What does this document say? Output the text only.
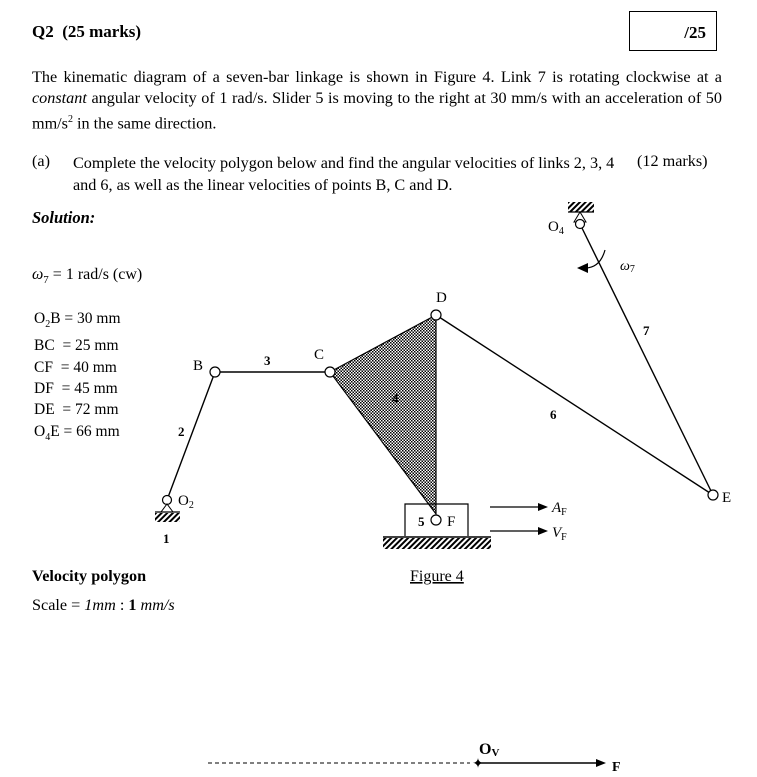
Q2 (25 marks)	/25
The kinematic diagram of a seven-bar linkage is shown in Figure 4. Link 7 is rotating clockwise at a constant angular velocity of 1 rad/s. Slider 5 is moving to the right at 30 mm/s with an acceleration of 50 $mm/s^2$ in the same direction.
(a) Complete the velocity polygon below and find the angular velocities of links 2, 3, 4 and 6, as well as the linear velocities of points B, C and D.
(12 marks)
Solution:
$\omega_7 = 1$ rad/s (cw)
$O_2B = 30$ mm
BC  = 25 mm
CF  = 40 mm
DF  = 45 mm
DE  = 72 mm
$O_4E = 66$ mm
B
C
D
E
F
$O_2$
$O_4$
1
2
3
4
5
6
7
ω7
$A_F$
$V_F$
Figure 4
✦
OV
F
Velocity polygon
Scale = 1mm : 1 mm/s
